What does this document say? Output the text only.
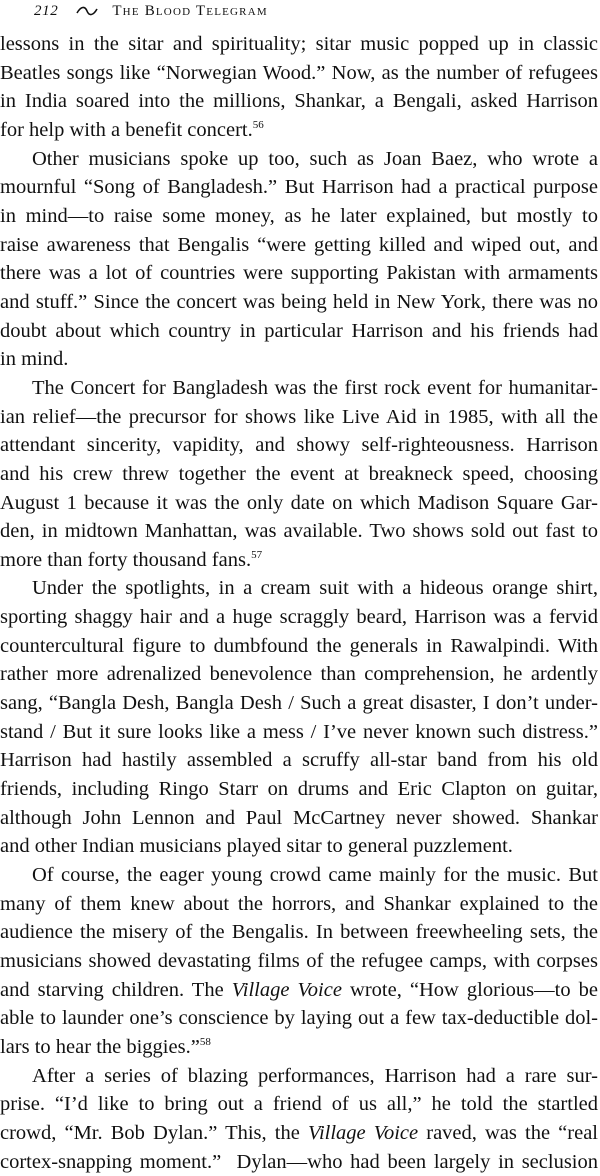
212	The Blood Telegram

lessons in the sitar and spirituality; sitar music popped up in classic
Beatles songs like “Norwegian Wood.” Now, as the number of refugees
in India soared into the millions, Shankar, a Bengali, asked Harrison
for help with a benefit concert.$^{56}$

Other musicians spoke up too, such as Joan Baez, who wrote a
mournful “Song of Bangladesh.” But Harrison had a practical purpose
in mind—to raise some money, as he later explained, but mostly to
raise awareness that Bengalis “were getting killed and wiped out, and
there was a lot of countries were supporting Pakistan with armaments
and stuff.” Since the concert was being held in New York, there was no
doubt about which country in particular Harrison and his friends had
in mind.

The Concert for Bangladesh was the first rock event for humanitar-
ian relief—the precursor for shows like Live Aid in 1985, with all the
attendant sincerity, vapidity, and showy self-righteousness. Harrison
and his crew threw together the event at breakneck speed, choosing
August 1 because it was the only date on which Madison Square Gar-
den, in midtown Manhattan, was available. Two shows sold out fast to
more than forty thousand fans.$^{57}$

Under the spotlights, in a cream suit with a hideous orange shirt,
sporting shaggy hair and a huge scraggly beard, Harrison was a fervid
countercultural figure to dumbfound the generals in Rawalpindi. With
rather more adrenalized benevolence than comprehension, he ardently
sang, “Bangla Desh, Bangla Desh / Such a great disaster, I don’t under-
stand / But it sure looks like a mess / I’ve never known such distress.”
Harrison had hastily assembled a scruffy all-star band from his old
friends, including Ringo Starr on drums and Eric Clapton on guitar,
although John Lennon and Paul McCartney never showed. Shankar
and other Indian musicians played sitar to general puzzlement.

Of course, the eager young crowd came mainly for the music. But
many of them knew about the horrors, and Shankar explained to the
audience the misery of the Bengalis. In between freewheeling sets, the
musicians showed devastating films of the refugee camps, with corpses
and starving children. The Village Voice wrote, “How glorious—to be
able to launder one’s conscience by laying out a few tax-deductible dol-
lars to hear the biggies.”$^{58}$

After a series of blazing performances, Harrison had a rare sur-
prise. “I’d like to bring out a friend of us all,” he told the startled
crowd, “Mr. Bob Dylan.” This, the Village Voice raved, was the “real
cortex-snapping moment.”  Dylan—who had been largely in seclusion
